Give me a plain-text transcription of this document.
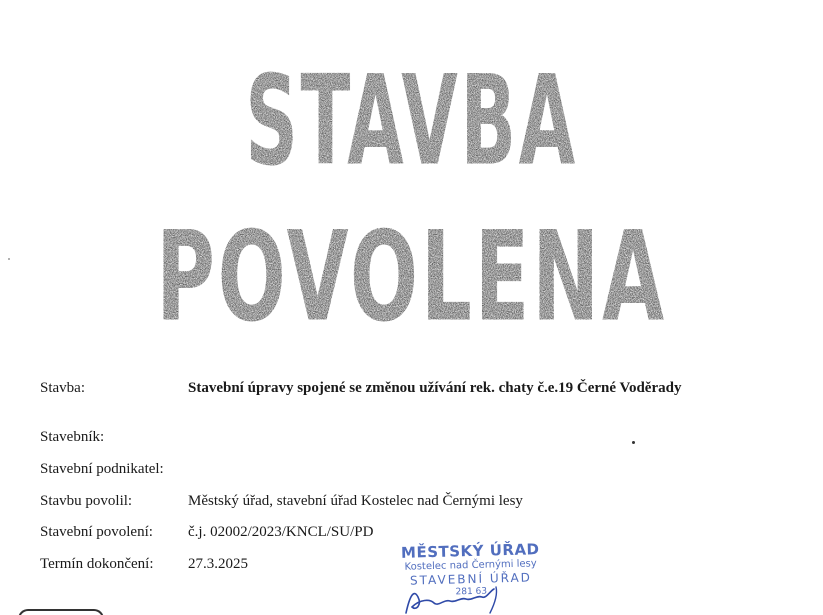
STAVBA
POVOLENA
Stavba:	Stavební úpravy spojené se změnou užívání rek. chaty č.e.19 Černé Voděrady
Stavebník:
Stavební podnikatel:
Stavbu povolil:	Městský úřad, stavební úřad Kostelec nad Černými lesy
Stavební povolení: č.j. 02002/2023/KNCL/SU/PD
Termín dokončení: 27.3.2025
MĚSTSKÝ ÚŘAD
Kostelec nad Černými lesy
STAVEBNÍ ÚŘAD
281 63
